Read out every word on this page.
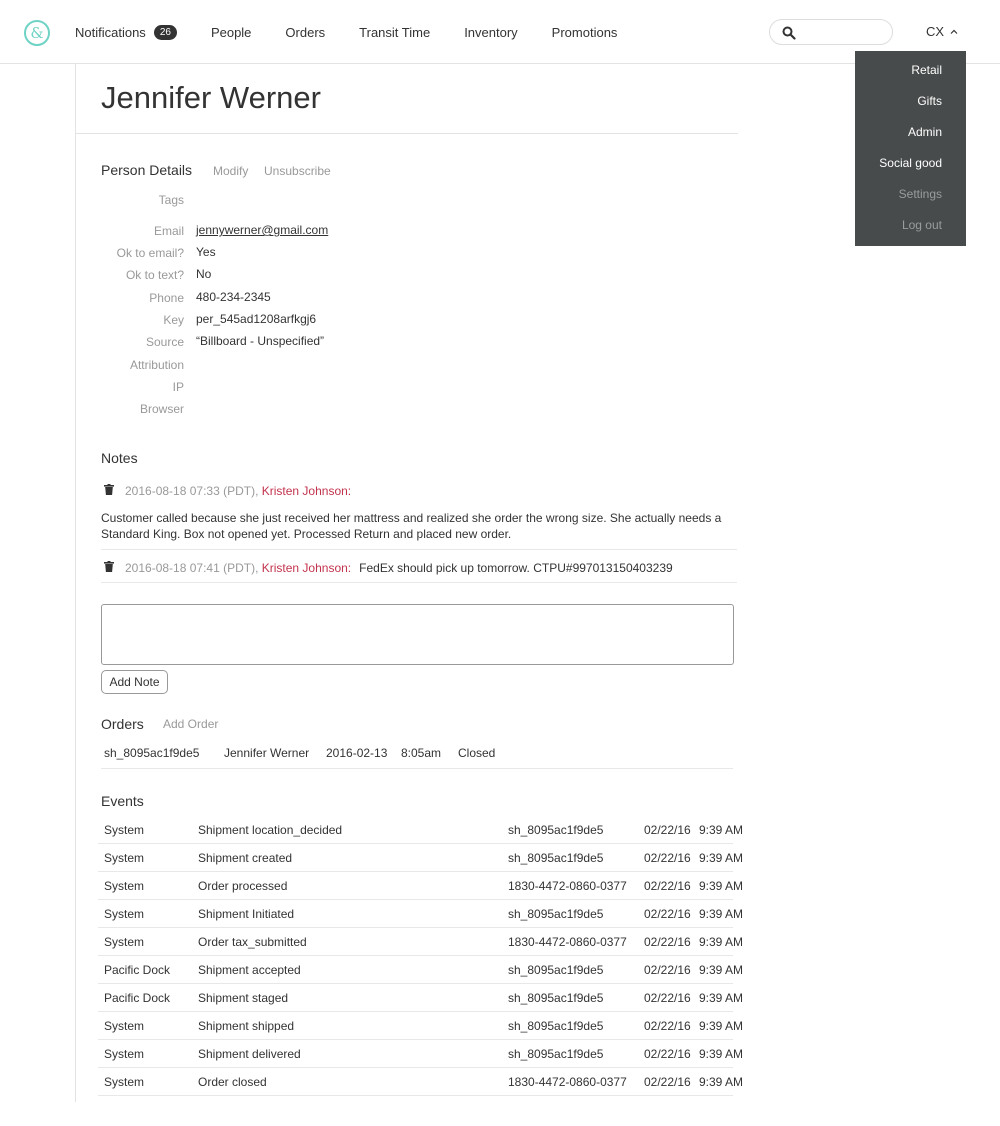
&	Notifications	26	People	Orders	Transit Time	Inventory	Promotions	CX
Retail
Gifts
Admin
Social good
Settings
Log out
Jennifer Werner
Person Details Modify Unsubscribe
Tags
Email jennywerner@gmail.com
Ok to email? Yes
Ok to text? No
Phone 480-234-2345
Key per_545ad1208arfkgj6
Source “Billboard - Unspecified”
Attribution
IP
Browser
Notes
2016-08-18 07:33 (PDT), Kristen Johnson:
Customer called because she just received her mattress and realized she order the wrong size. She actually needs a Standard King. Box not opened yet. Processed Return and placed new order.
2016-08-18 07:41 (PDT), Kristen Johnson: FedEx should pick up tomorrow. CTPU#997013150403239
Add Note
Orders Add Order
sh_8095ac1f9de5 Jennifer Werner 2016-02-13 8:05am Closed
Events
System	Shipment location_decided	sh_8095ac1f9de5	02/22/16 9:39 AM
System	Shipment created	sh_8095ac1f9de5	02/22/16 9:39 AM
System	Order processed	1830-4472-0860-0377 02/22/16 9:39 AM
System	Shipment Initiated	sh_8095ac1f9de5	02/22/16 9:39 AM
System	Order tax_submitted	1830-4472-0860-0377 02/22/16 9:39 AM
Pacific Dock Shipment accepted	sh_8095ac1f9de5	02/22/16 9:39 AM
Pacific Dock Shipment staged	sh_8095ac1f9de5	02/22/16 9:39 AM
System	Shipment shipped	sh_8095ac1f9de5	02/22/16 9:39 AM
System	Shipment delivered	sh_8095ac1f9de5	02/22/16 9:39 AM
System	Order closed	1830-4472-0860-0377 02/22/16 9:39 AM
